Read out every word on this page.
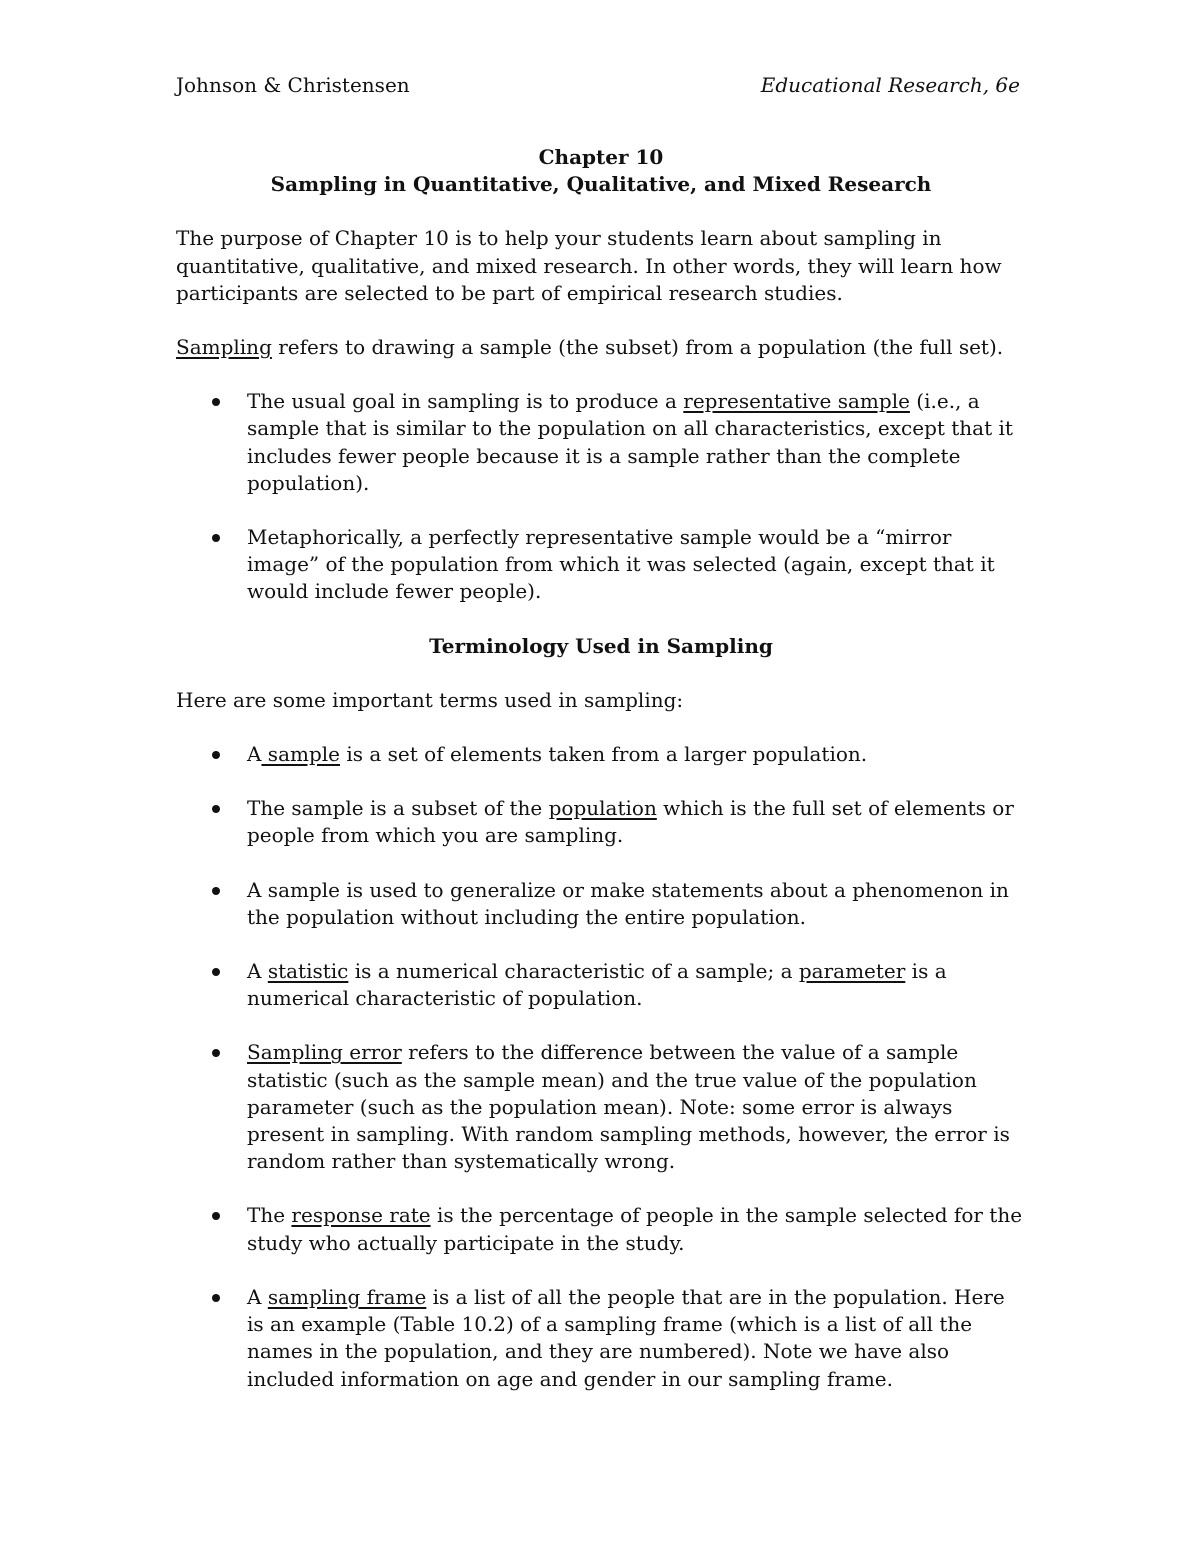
Johnson & Christensen	Educational Research, 6e
Chapter 10
Sampling in Quantitative, Qualitative, and Mixed Research

The purpose of Chapter 10 is to help your students learn about sampling in quantitative, qualitative, and mixed research. In other words, they will learn how participants are selected to be part of empirical research studies.

Sampling refers to drawing a sample (the subset) from a population (the full set).

The usual goal in sampling is to produce a representative sample (i.e., a sample that is similar to the population on all characteristics, except that it includes fewer people because it is a sample rather than the complete population).
Metaphorically, a perfectly representative sample would be a “mirror image” of the population from which it was selected (again, except that it would include fewer people).
Terminology Used in Sampling

Here are some important terms used in sampling:

A sample is a set of elements taken from a larger population.
The sample is a subset of the population which is the full set of elements or people from which you are sampling.
A sample is used to generalize or make statements about a phenomenon in the population without including the entire population.
A statistic is a numerical characteristic of a sample; a parameter is a numerical characteristic of population.
Sampling error refers to the difference between the value of a sample statistic (such as the sample mean) and the true value of the population parameter (such as the population mean). Note: some error is always present in sampling. With random sampling methods, however, the error is random rather than systematically wrong.
The response rate is the percentage of people in the sample selected for the study who actually participate in the study.
A sampling frame is a list of all the people that are in the population. Here is an example (Table 10.2) of a sampling frame (which is a list of all the names in the population, and they are numbered). Note we have also included information on age and gender in our sampling frame.
